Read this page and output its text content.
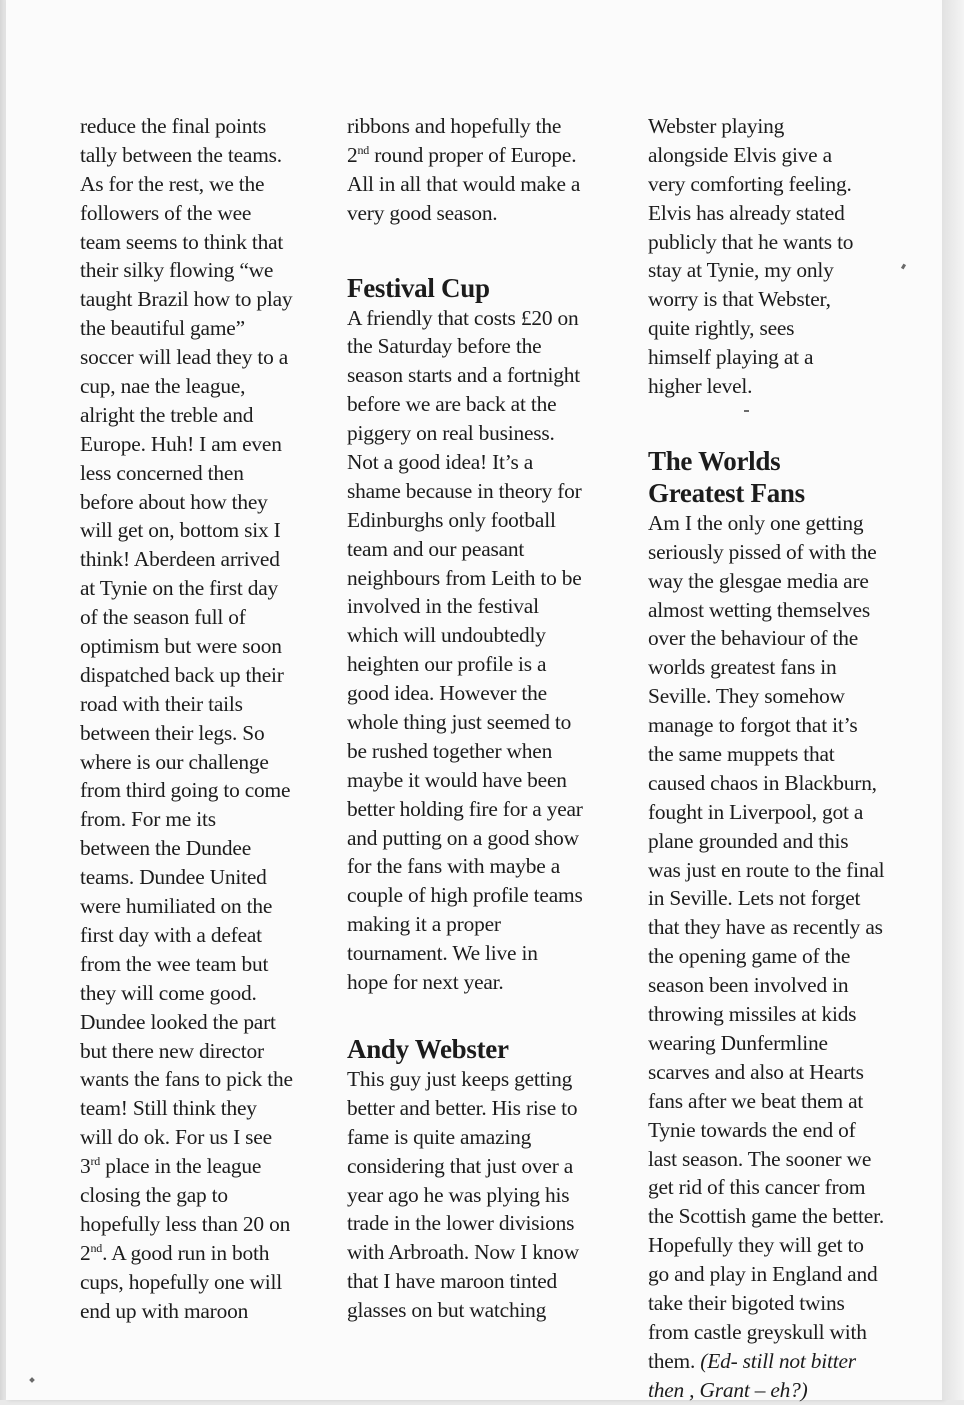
reduce the final points
tally between the teams.
As for the rest, we the
followers of the wee
team seems to think that
their silky flowing “we
taught Brazil how to play
the beautiful game”
soccer will lead they to a
cup, nae the league,
alright the treble and
Europe. Huh! I am even
less concerned then
before about how they
will get on, bottom six I
think! Aberdeen arrived
at Tynie on the first day
of the season full of
optimism but were soon
dispatched back up their
road with their tails
between their legs. So
where is our challenge
from third going to come
from. For me its
between the Dundee
teams. Dundee United
were humiliated on the
first day with a defeat
from the wee team but
they will come good.
Dundee looked the part
but there new director
wants the fans to pick the
team! Still think they
will do ok. For us I see
3rd place in the league
closing the gap to
hopefully less than 20 on
2nd. A good run in both
cups, hopefully one will
end up with maroon
ribbons and hopefully the
2nd round proper of Europe.
All in all that would make a
very good season.
Festival Cup
A friendly that costs £20 on
the Saturday before the
season starts and a fortnight
before we are back at the
piggery on real business.
Not a good idea! It’s a
shame because in theory for
Edinburghs only football
team and our peasant
neighbours from Leith to be
involved in the festival
which will undoubtedly
heighten our profile is a
good idea. However the
whole thing just seemed to
be rushed together when
maybe it would have been
better holding fire for a year
and putting on a good show
for the fans with maybe a
couple of high profile teams
making it a proper
tournament. We live in
hope for next year.
Andy Webster
This guy just keeps getting
better and better. His rise to
fame is quite amazing
considering that just over a
year ago he was plying his
trade in the lower divisions
with Arbroath. Now I know
that I have maroon tinted
glasses on but watching
Webster playing
alongside Elvis give a
very comforting feeling.
Elvis has already stated
publicly that he wants to
stay at Tynie, my only
worry is that Webster,
quite rightly, sees
himself playing at a
higher level.
The Worlds
Greatest Fans
Am I the only one getting
seriously pissed of with the
way the glesgae media are
almost wetting themselves
over the behaviour of the
worlds greatest fans in
Seville. They somehow
manage to forgot that it’s
the same muppets that
caused chaos in Blackburn,
fought in Liverpool, got a
plane grounded and this
was just en route to the final
in Seville. Lets not forget
that they have as recently as
the opening game of the
season been involved in
throwing missiles at kids
wearing Dunfermline
scarves and also at Hearts
fans after we beat them at
Tynie towards the end of
last season. The sooner we
get rid of this cancer from
the Scottish game the better.
Hopefully they will get to
go and play in England and
take their bigoted twins
from castle greyskull with
them. (Ed- still not bitter
then , Grant – eh?)
